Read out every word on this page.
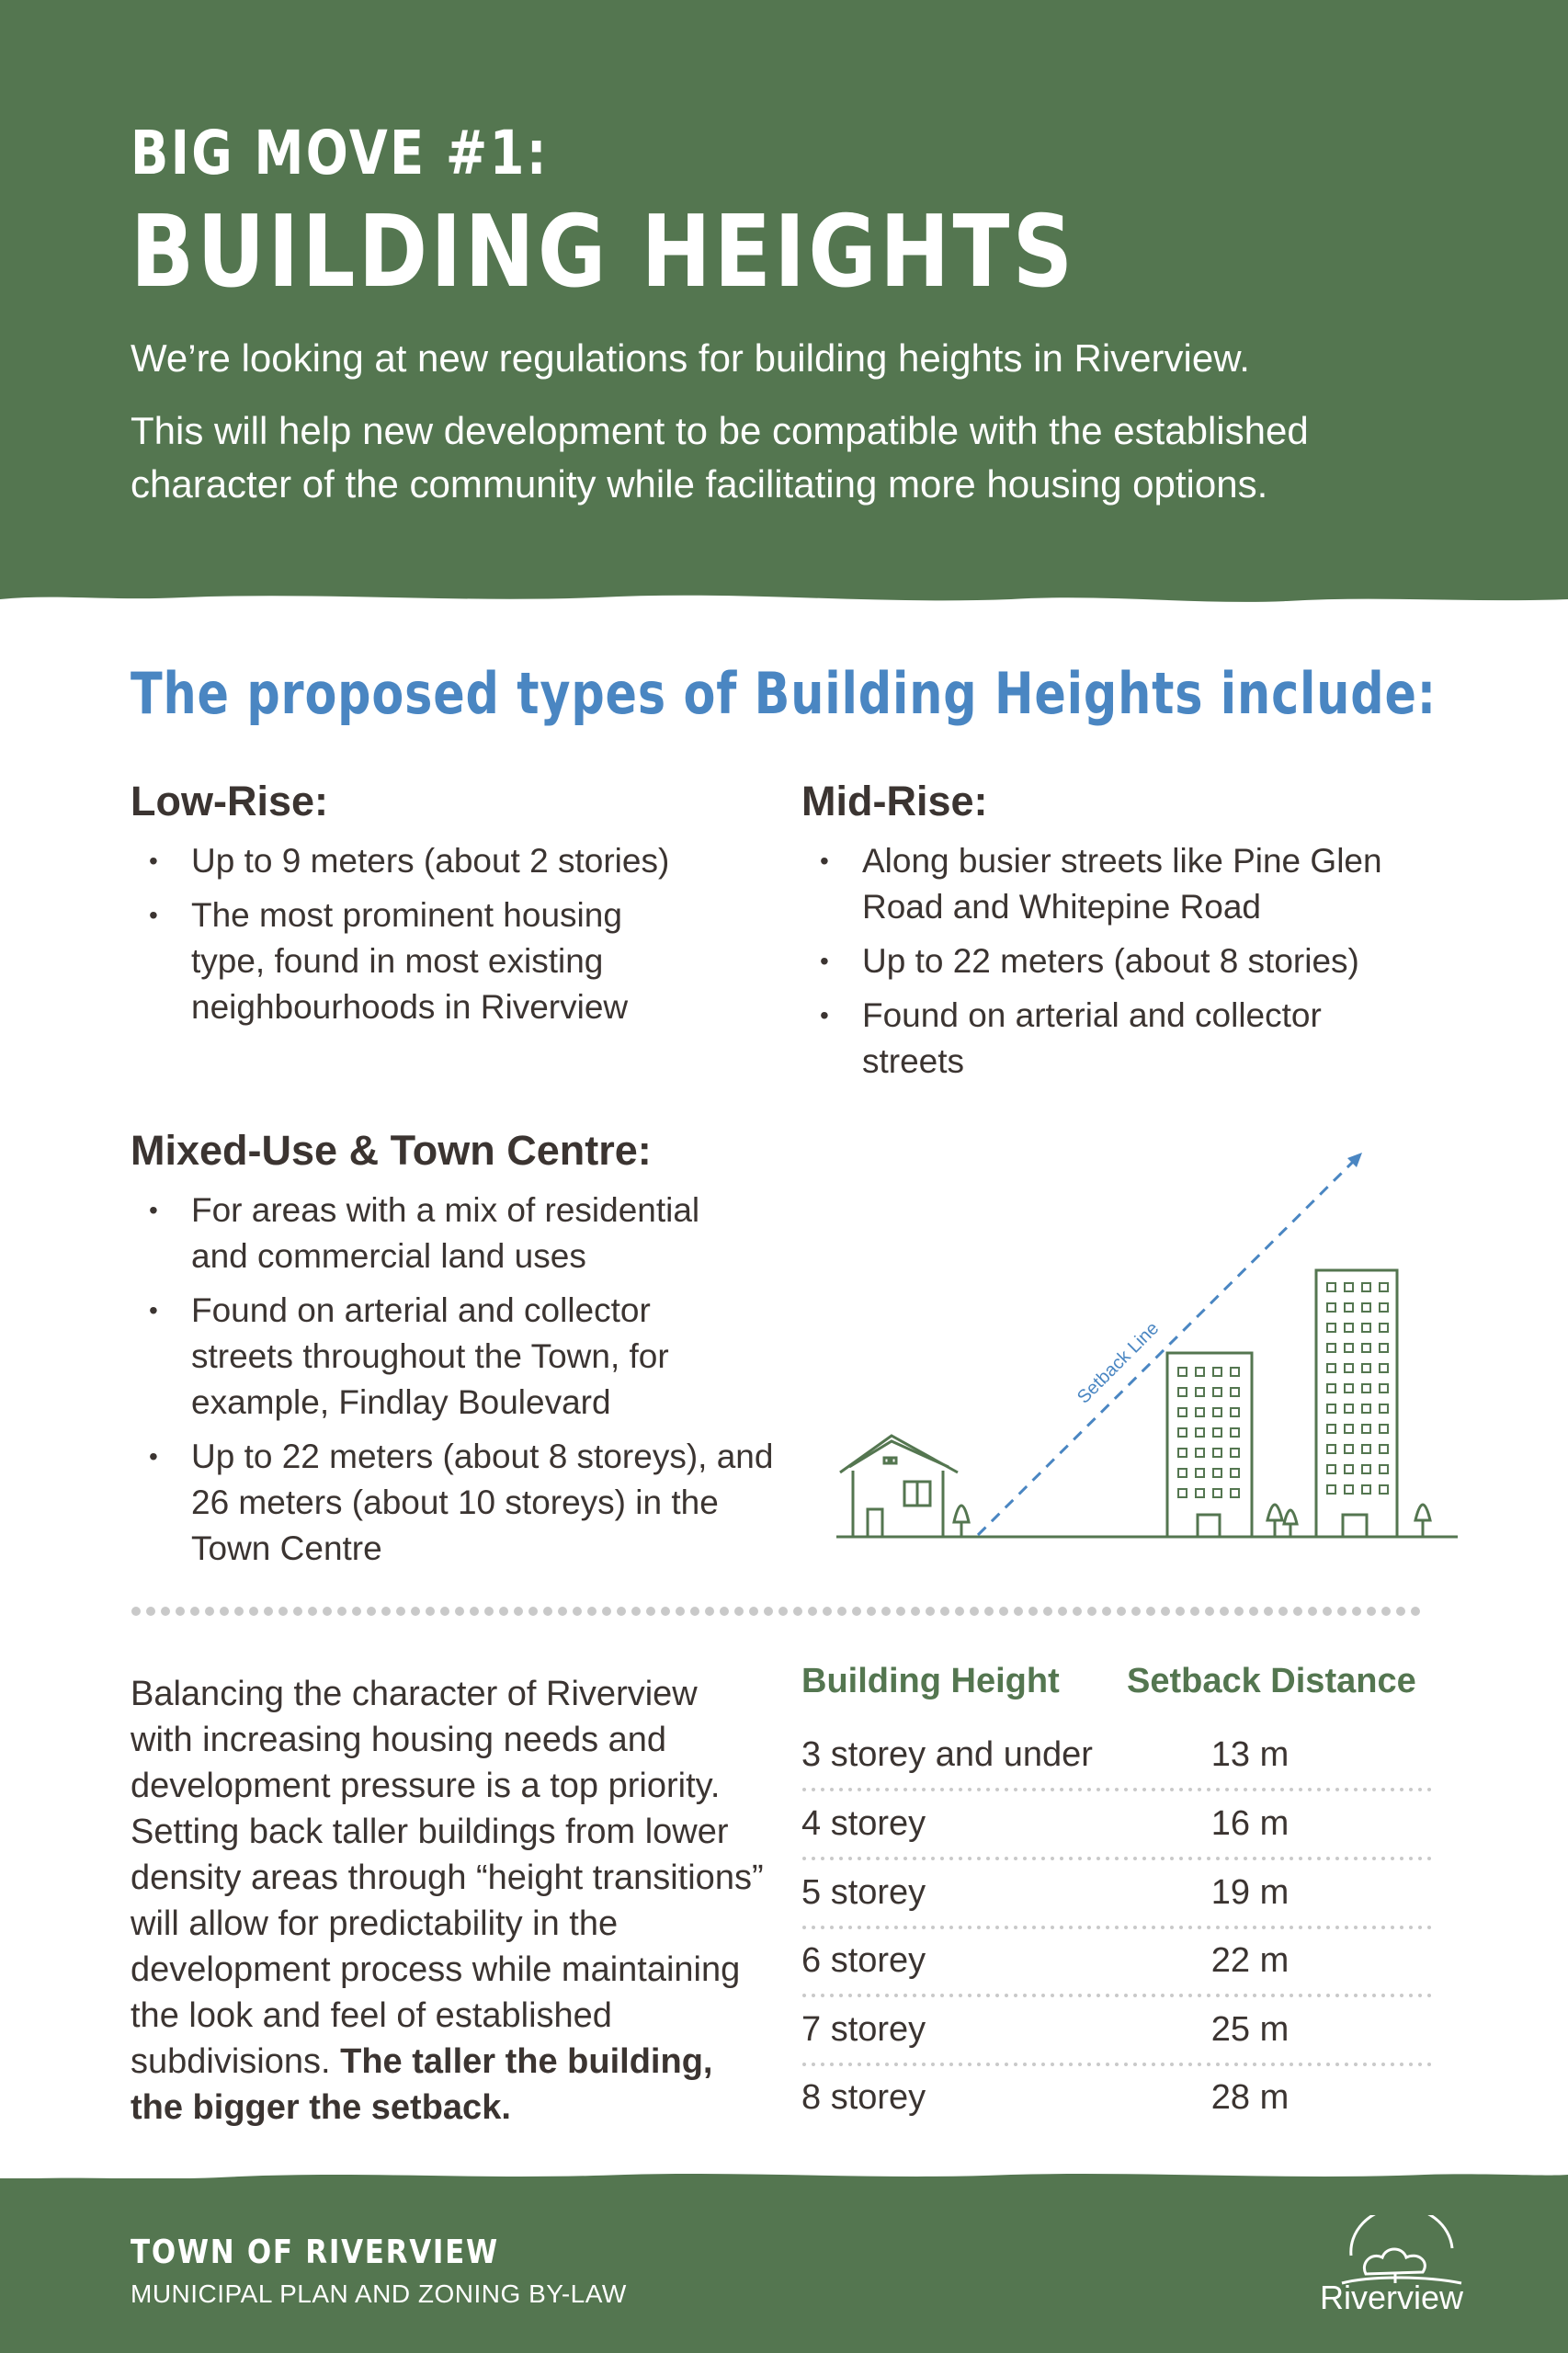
BIG MOVE #1:
BUILDING HEIGHTS
We’re looking at new regulations for building heights in Riverview.
This will help new development to be compatible with the established character of the community while facilitating more housing options.
The proposed types of Building Heights include:
Low-Rise:
• Up to 9 meters (about 2 stories)
• The most prominent housing type, found in most existing neighbourhoods in Riverview
Mid-Rise:
• Along busier streets like Pine Glen Road and Whitepine Road
• Up to 22 meters (about 8 stories)
• Found on arterial and collector streets
Mixed-Use & Town Centre:
• For areas with a mix of residential and commercial land uses
• Found on arterial and collector streets throughout the Town, for example, Findlay Boulevard
• Up to 22 meters (about 8 storeys), and 26 meters (about 10 storeys) in the Town Centre
Setback Line
Balancing the character of Riverview with increasing housing needs and development pressure is a top priority. Setting back taller buildings from lower density areas through “height transitions” will allow for predictability in the development process while maintaining the look and feel of established subdivisions. The taller the building, the bigger the setback.
Building Height Setback Distance
3 storey and under	13 m
4 storey	16 m
5 storey	19 m
6 storey	22 m
7 storey	25 m
8 storey	28 m
TOWN OF RIVERVIEW
MUNICIPAL PLAN AND ZONING BY-LAW	Riverview
